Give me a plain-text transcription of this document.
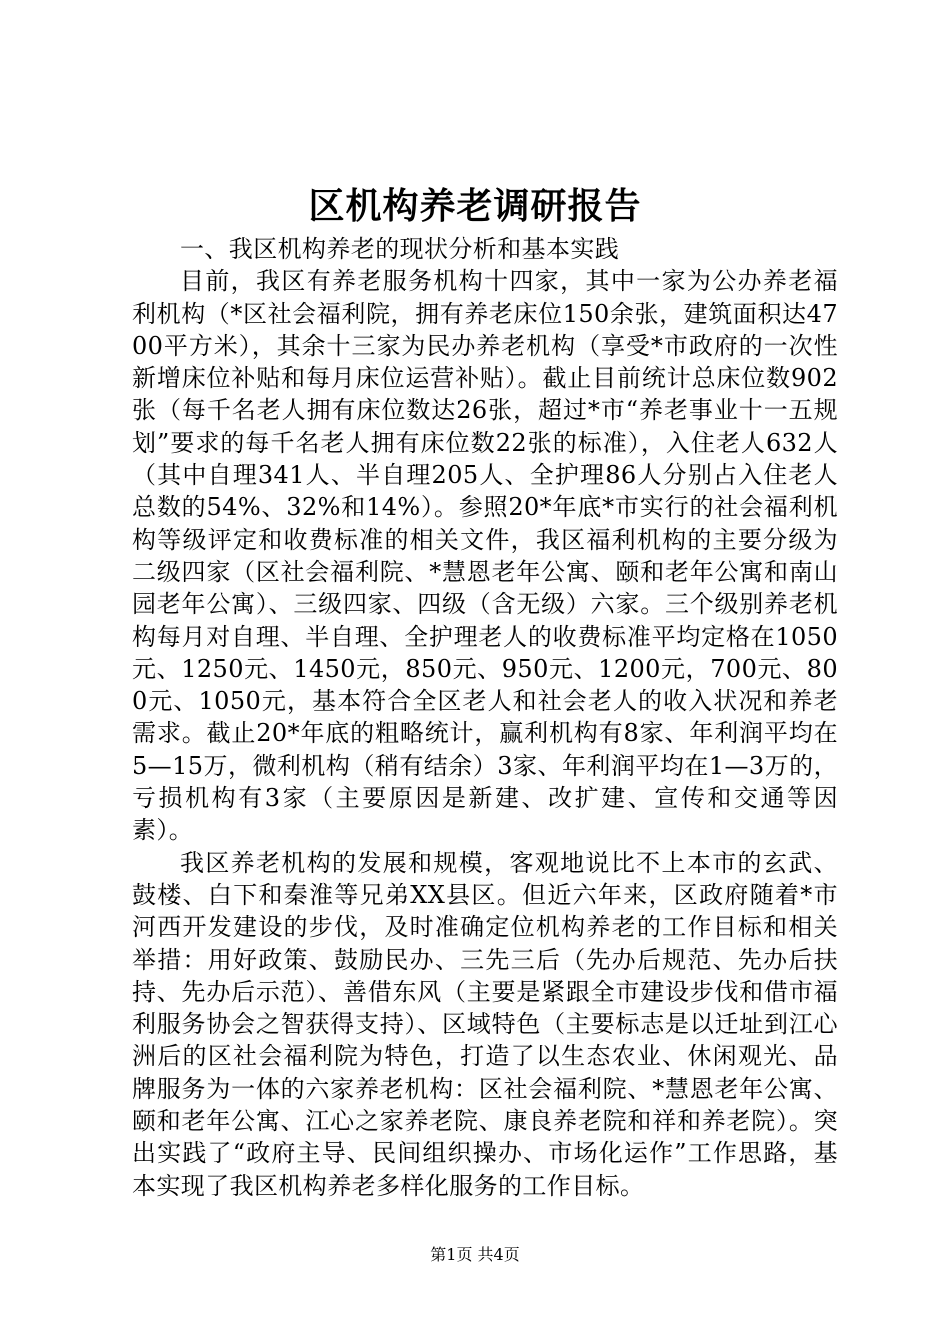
区机构养老调研报告

一、我区机构养老的现状分析和基本实践

目前，我区有养老服务机构十四家，其中一家为公办养老福利机构（*区社会福利院，拥有养老床位150余张，建筑面积达4700平方米），其余十三家为民办养老机构（享受*市政府的一次性新增床位补贴和每月床位运营补贴）。截止目前统计总床位数902张（每千名老人拥有床位数达26张，超过*市“养老事业十一五规划”要求的每千名老人拥有床位数22张的标准），入住老人632人（其中自理341人、半自理205人、全护理86人分别占入住老人总数的54%、32%和14%）。参照20*年底*市实行的社会福利机构等级评定和收费标准的相关文件，我区福利机构的主要分级为二级四家（区社会福利院、*慧恩老年公寓、颐和老年公寓和南山园老年公寓）、三级四家、四级（含无级）六家。三个级别养老机构每月对自理、半自理、全护理老人的收费标准平均定格在1050元、1250元、1450元，850元、950元、1200元，700元、800元、1050元，基本符合全区老人和社会老人的收入状况和养老需求。截止20*年底的粗略统计，赢利机构有8家、年利润平均在5—15万，微利机构（稍有结余）3家、年利润平均在1—3万的，亏损机构有3家（主要原因是新建、改扩建、宣传和交通等因素）。

我区养老机构的发展和规模，客观地说比不上本市的玄武、鼓楼、白下和秦淮等兄弟XX县区。但近六年来，区政府随着*市河西开发建设的步伐，及时准确定位机构养老的工作目标和相关举措：用好政策、鼓励民办、三先三后（先办后规范、先办后扶持、先办后示范）、善借东风（主要是紧跟全市建设步伐和借市福利服务协会之智获得支持）、区域特色（主要标志是以迁址到江心洲后的区社会福利院为特色，打造了以生态农业、休闲观光、品牌服务为一体的六家养老机构：区社会福利院、*慧恩老年公寓、颐和老年公寓、江心之家养老院、康良养老院和祥和养老院）。突出实践了“政府主导、民间组织操办、市场化运作”工作思路，基本实现了我区机构养老多样化服务的工作目标。

第1页 共4页
